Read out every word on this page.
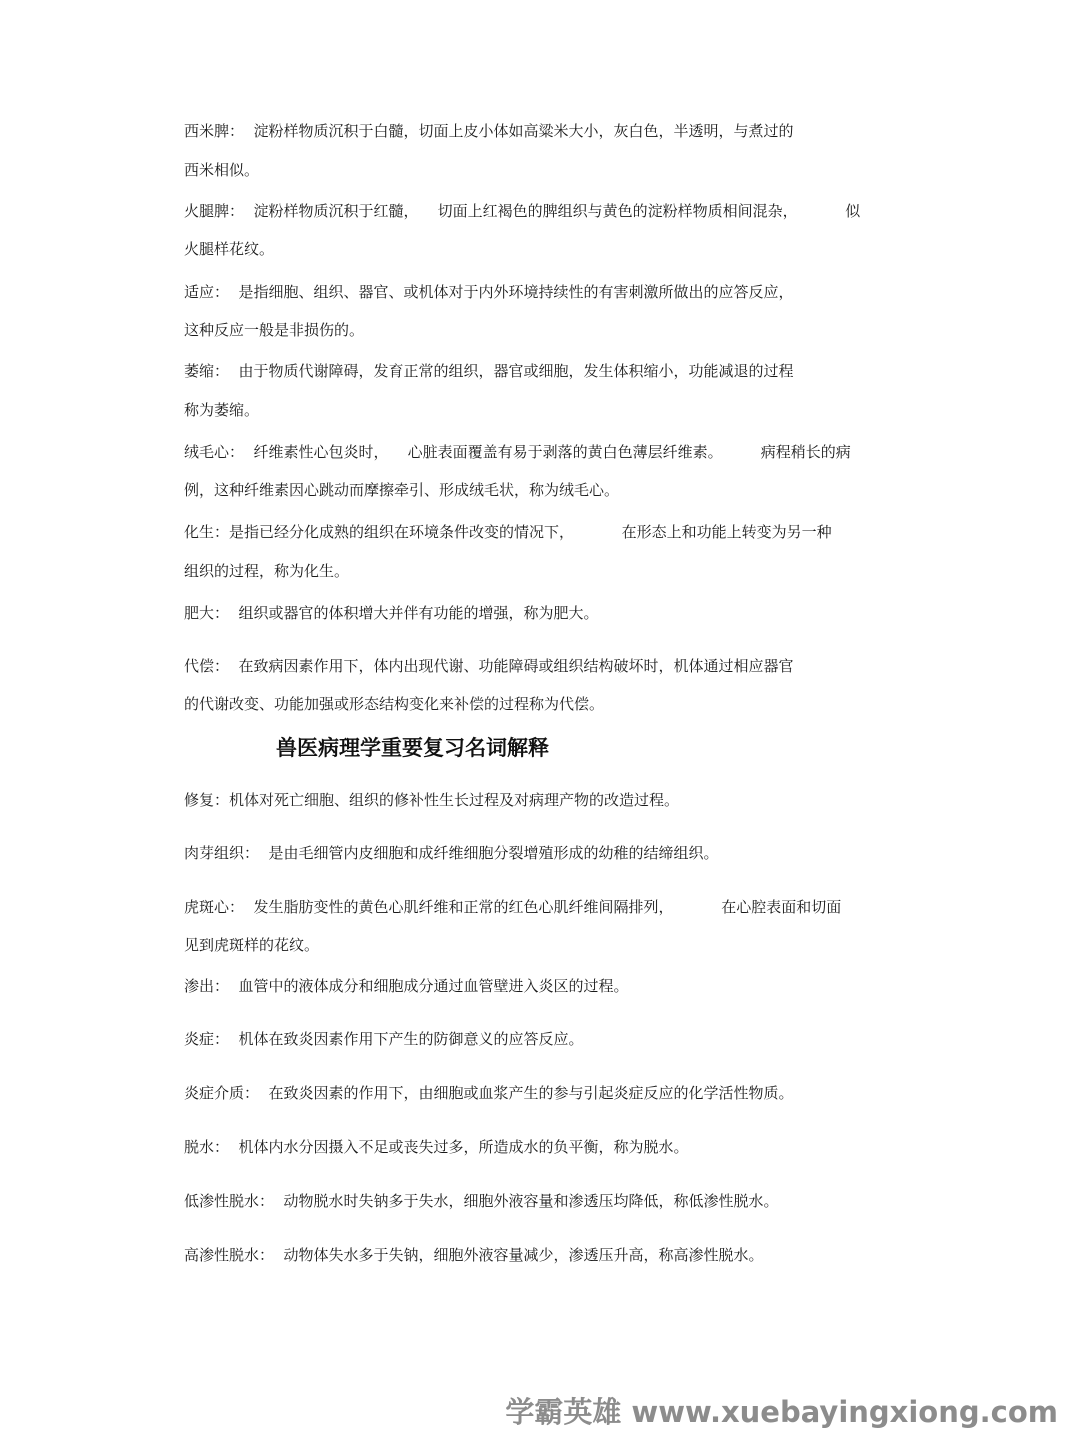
西米脾：  淀粉样物质沉积于白髓，切面上皮小体如高粱米大小，灰白色，半透明，与煮过的

西米相似。

火腿脾：  淀粉样物质沉积于红髓，    切面上红褐色的脾组织与黄色的淀粉样物质相间混杂，          似

火腿样花纹。

适应：  是指细胞、组织、器官、或机体对于内外环境持续性的有害刺激所做出的应答反应，

这种反应一般是非损伤的。

萎缩：  由于物质代谢障碍，发育正常的组织，器官或细胞，发生体积缩小，功能减退的过程

称为萎缩。

绒毛心：  纤维素性心包炎时，    心脏表面覆盖有易于剥落的黄白色薄层纤维素。        病程稍长的病

例，这种纤维素因心跳动而摩擦牵引、形成绒毛状，称为绒毛心。

化生：是指已经分化成熟的组织在环境条件改变的情况下，          在形态上和功能上转变为另一种

组织的过程，称为化生。

肥大：  组织或器官的体积增大并伴有功能的增强，称为肥大。

代偿：  在致病因素作用下，体内出现代谢、功能障碍或组织结构破坏时，机体通过相应器官

的代谢改变、功能加强或形态结构变化来补偿的过程称为代偿。

兽医病理学重要复习名词解释

修复：机体对死亡细胞、组织的修补性生长过程及对病理产物的改造过程。

肉芽组织：  是由毛细管内皮细胞和成纤维细胞分裂增殖形成的幼稚的结缔组织。

虎斑心：  发生脂肪变性的黄色心肌纤维和正常的红色心肌纤维间隔排列，          在心腔表面和切面

见到虎斑样的花纹。

渗出：  血管中的液体成分和细胞成分通过血管壁进入炎区的过程。

炎症：  机体在致炎因素作用下产生的防御意义的应答反应。

炎症介质：  在致炎因素的作用下，由细胞或血浆产生的参与引起炎症反应的化学活性物质。

脱水：  机体内水分因摄入不足或丧失过多，所造成水的负平衡，称为脱水。

低渗性脱水：  动物脱水时失钠多于失水，细胞外液容量和渗透压均降低，称低渗性脱水。

高渗性脱水：  动物体失水多于失钠，细胞外液容量减少，渗透压升高，称高渗性脱水。

学霸英雄 www.xuebayingxiong.com
